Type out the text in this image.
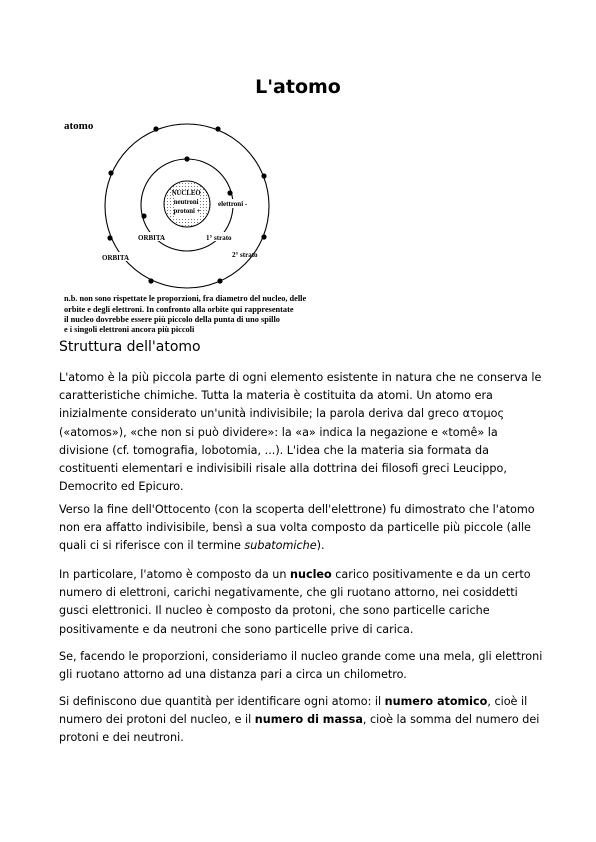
L'atomo
atomo
NUCLEO neutroni protoni +
elettroni -
ORBITA	1° strato
ORBITA	2° strato
n.b. non sono rispettate le proporzioni, fra diametro del nucleo, delle
orbite e degli elettroni. In confronto alla orbite qui rappresentate
il nucleo dovrebbe essere più piccolo della punta di uno spillo
e i singoli elettroni ancora più piccoli
Struttura dell'atomo
L'atomo è la più piccola parte di ogni elemento esistente in natura che ne conserva le caratteristiche chimiche. Tutta la materia è costituita da atomi. Un atomo era inizialmente considerato un'unità indivisibile; la parola deriva dal greco ατομος («atomos»), «che non si può dividere»: la «a» indica la negazione e «tomê» la divisione (cf. tomografia, lobotomia, ...). L'idea che la materia sia formata da costituenti elementari e indivisibili risale alla dottrina dei filosofi greci Leucippo, Democrito ed Epicuro.
Verso la fine dell'Ottocento (con la scoperta dell'elettrone) fu dimostrato che l'atomo non era affatto indivisibile, bensì a sua volta composto da particelle più piccole (alle quali ci si riferisce con il termine subatomiche).
In particolare, l'atomo è composto da un nucleo carico positivamente e da un certo numero di elettroni, carichi negativamente, che gli ruotano attorno, nei cosiddetti gusci elettronici. Il nucleo è composto da protoni, che sono particelle cariche positivamente e da neutroni che sono particelle prive di carica.
Se, facendo le proporzioni, consideriamo il nucleo grande come una mela, gli elettroni gli ruotano attorno ad una distanza pari a circa un chilometro.
Si definiscono due quantità per identificare ogni atomo: il numero atomico, cioè il numero dei protoni del nucleo, e il numero di massa, cioè la somma del numero dei protoni e dei neutroni.
